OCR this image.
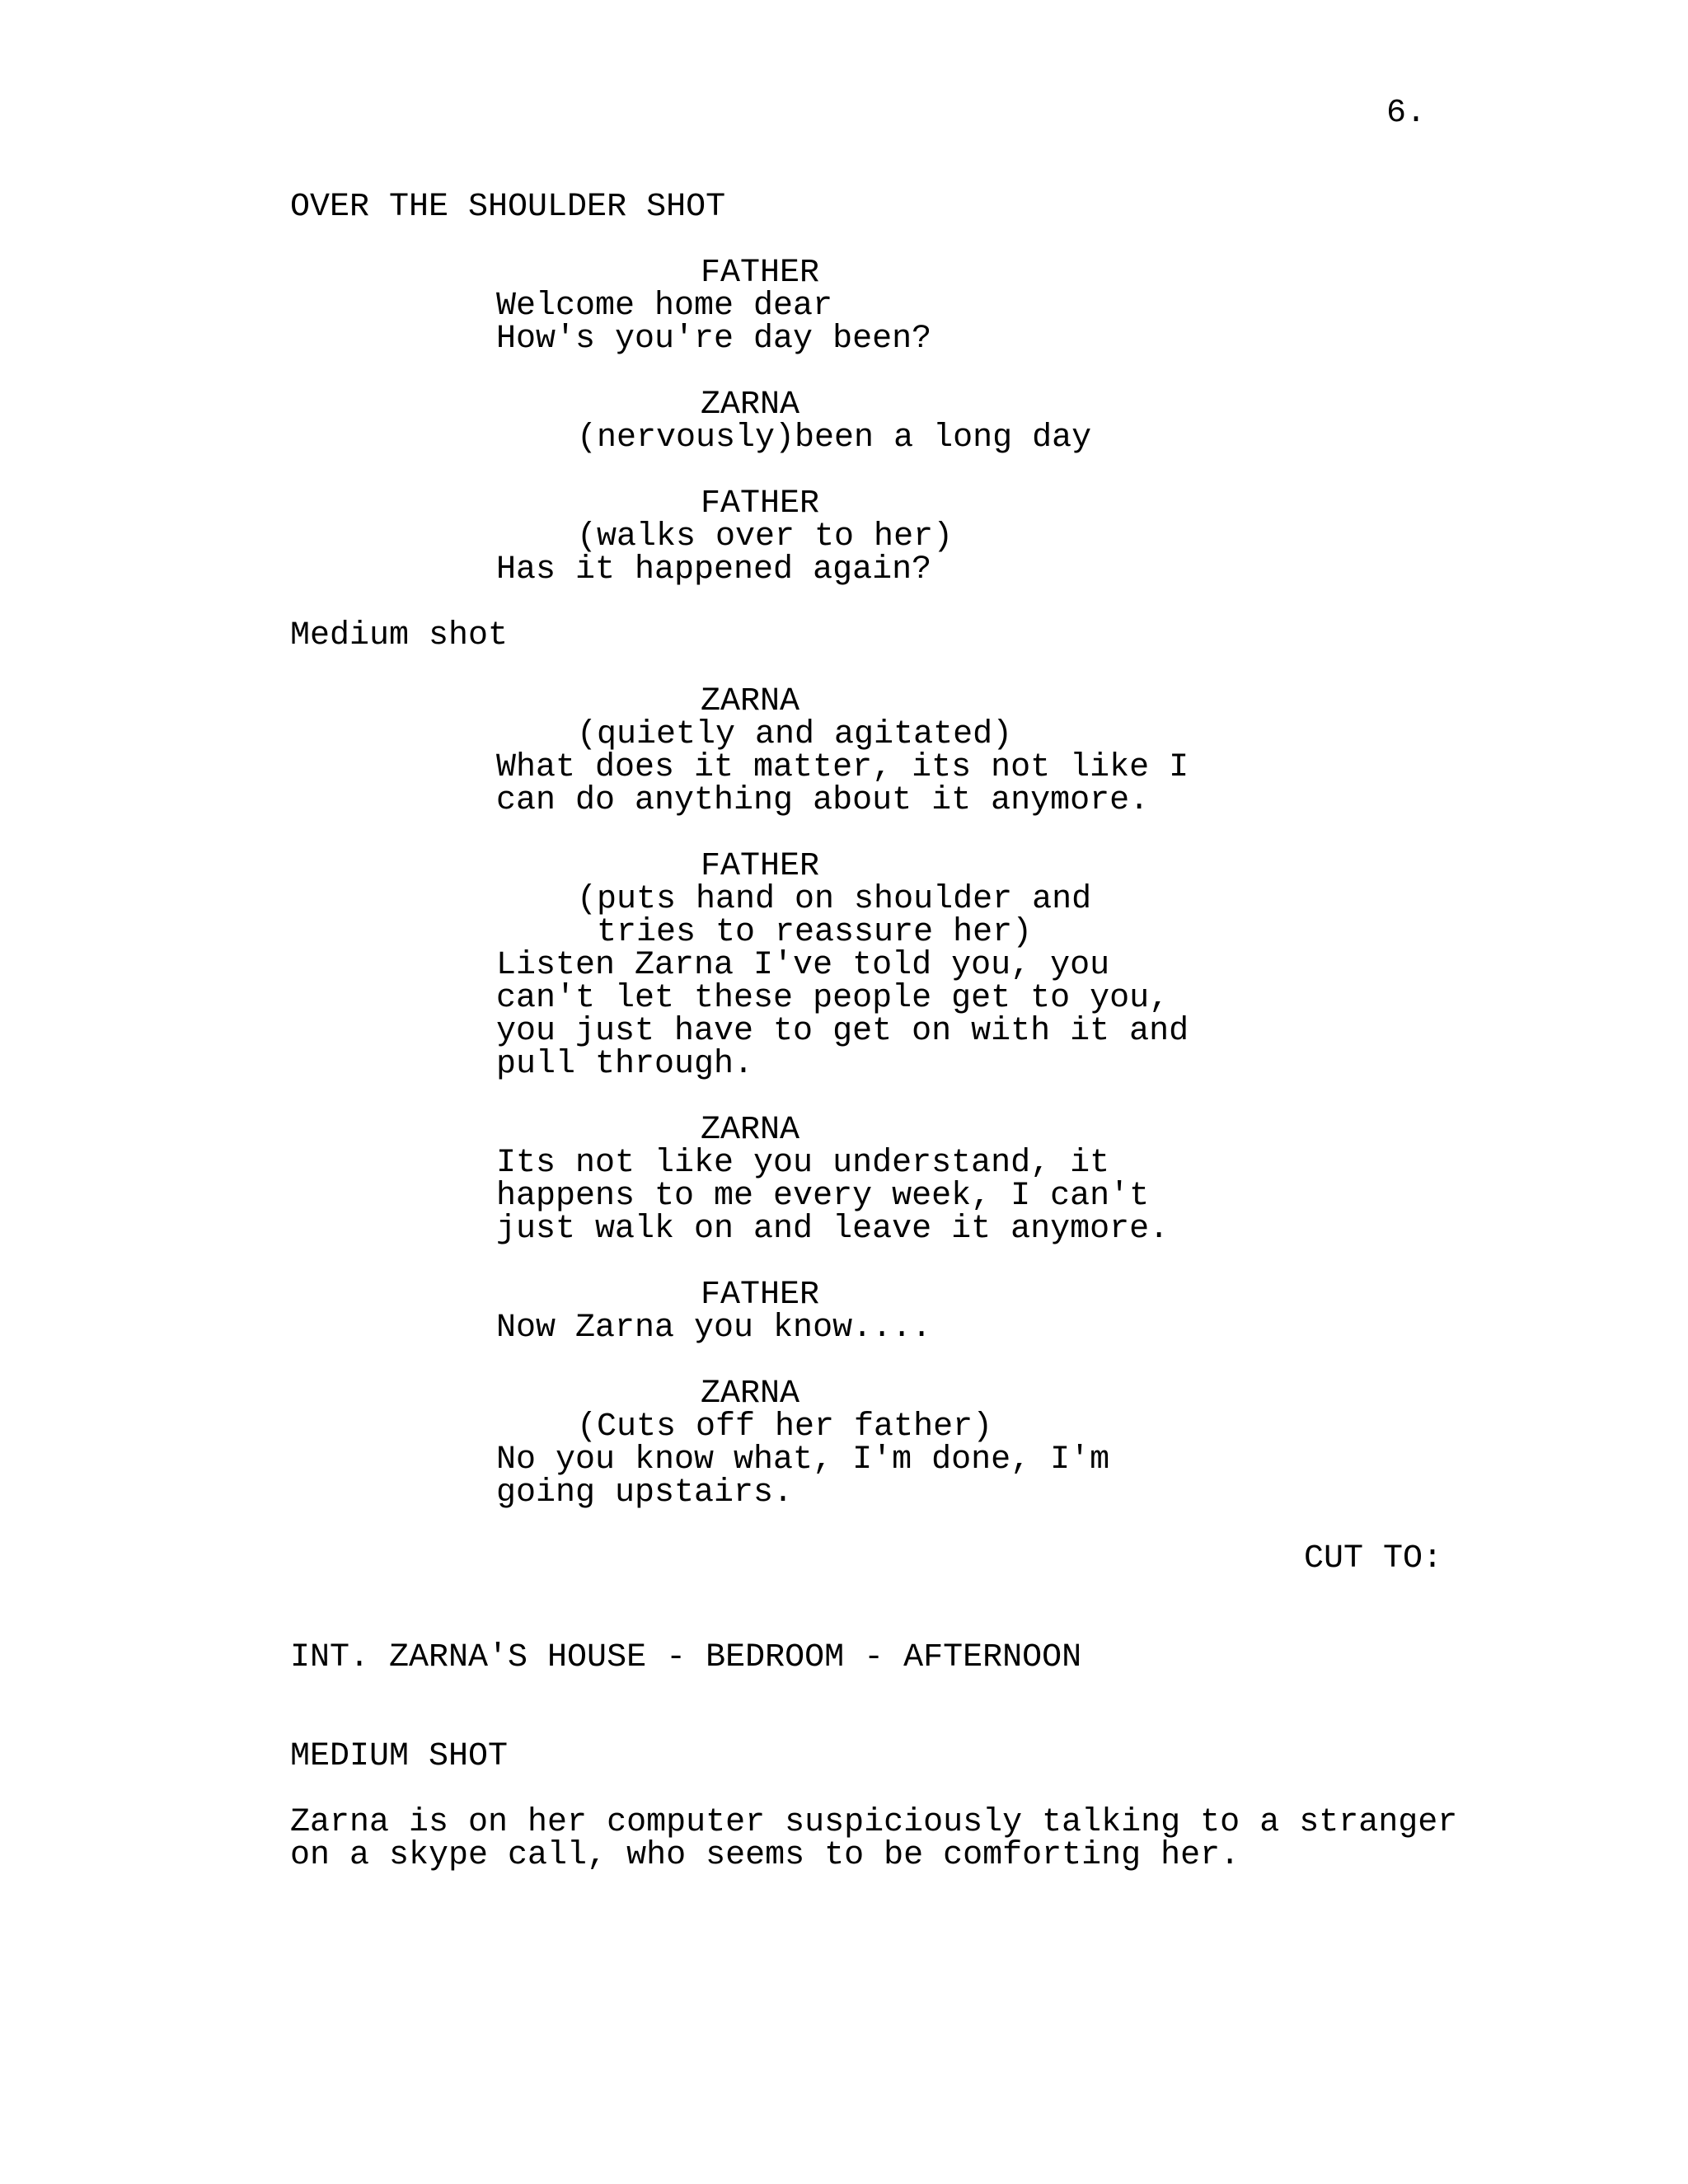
6.
OVER THE SHOULDER SHOT
FATHER
Welcome home dear
How's you're day been?
ZARNA
(nervously)been a long day
FATHER
(walks over to her)
Has it happened again?
Medium shot
ZARNA
(quietly and agitated)
What does it matter, its not like I
can do anything about it anymore.
FATHER
(puts hand on shoulder and
tries to reassure her)
Listen Zarna I've told you, you
can't let these people get to you,
you just have to get on with it and
pull through.
ZARNA
Its not like you understand, it
happens to me every week, I can't
just walk on and leave it anymore.
FATHER
Now Zarna you know....
ZARNA
(Cuts off her father)
No you know what, I'm done, I'm
going upstairs.
CUT TO:
INT. ZARNA'S HOUSE - BEDROOM - AFTERNOON
MEDIUM SHOT
Zarna is on her computer suspiciously talking to a stranger
on a skype call, who seems to be comforting her.
